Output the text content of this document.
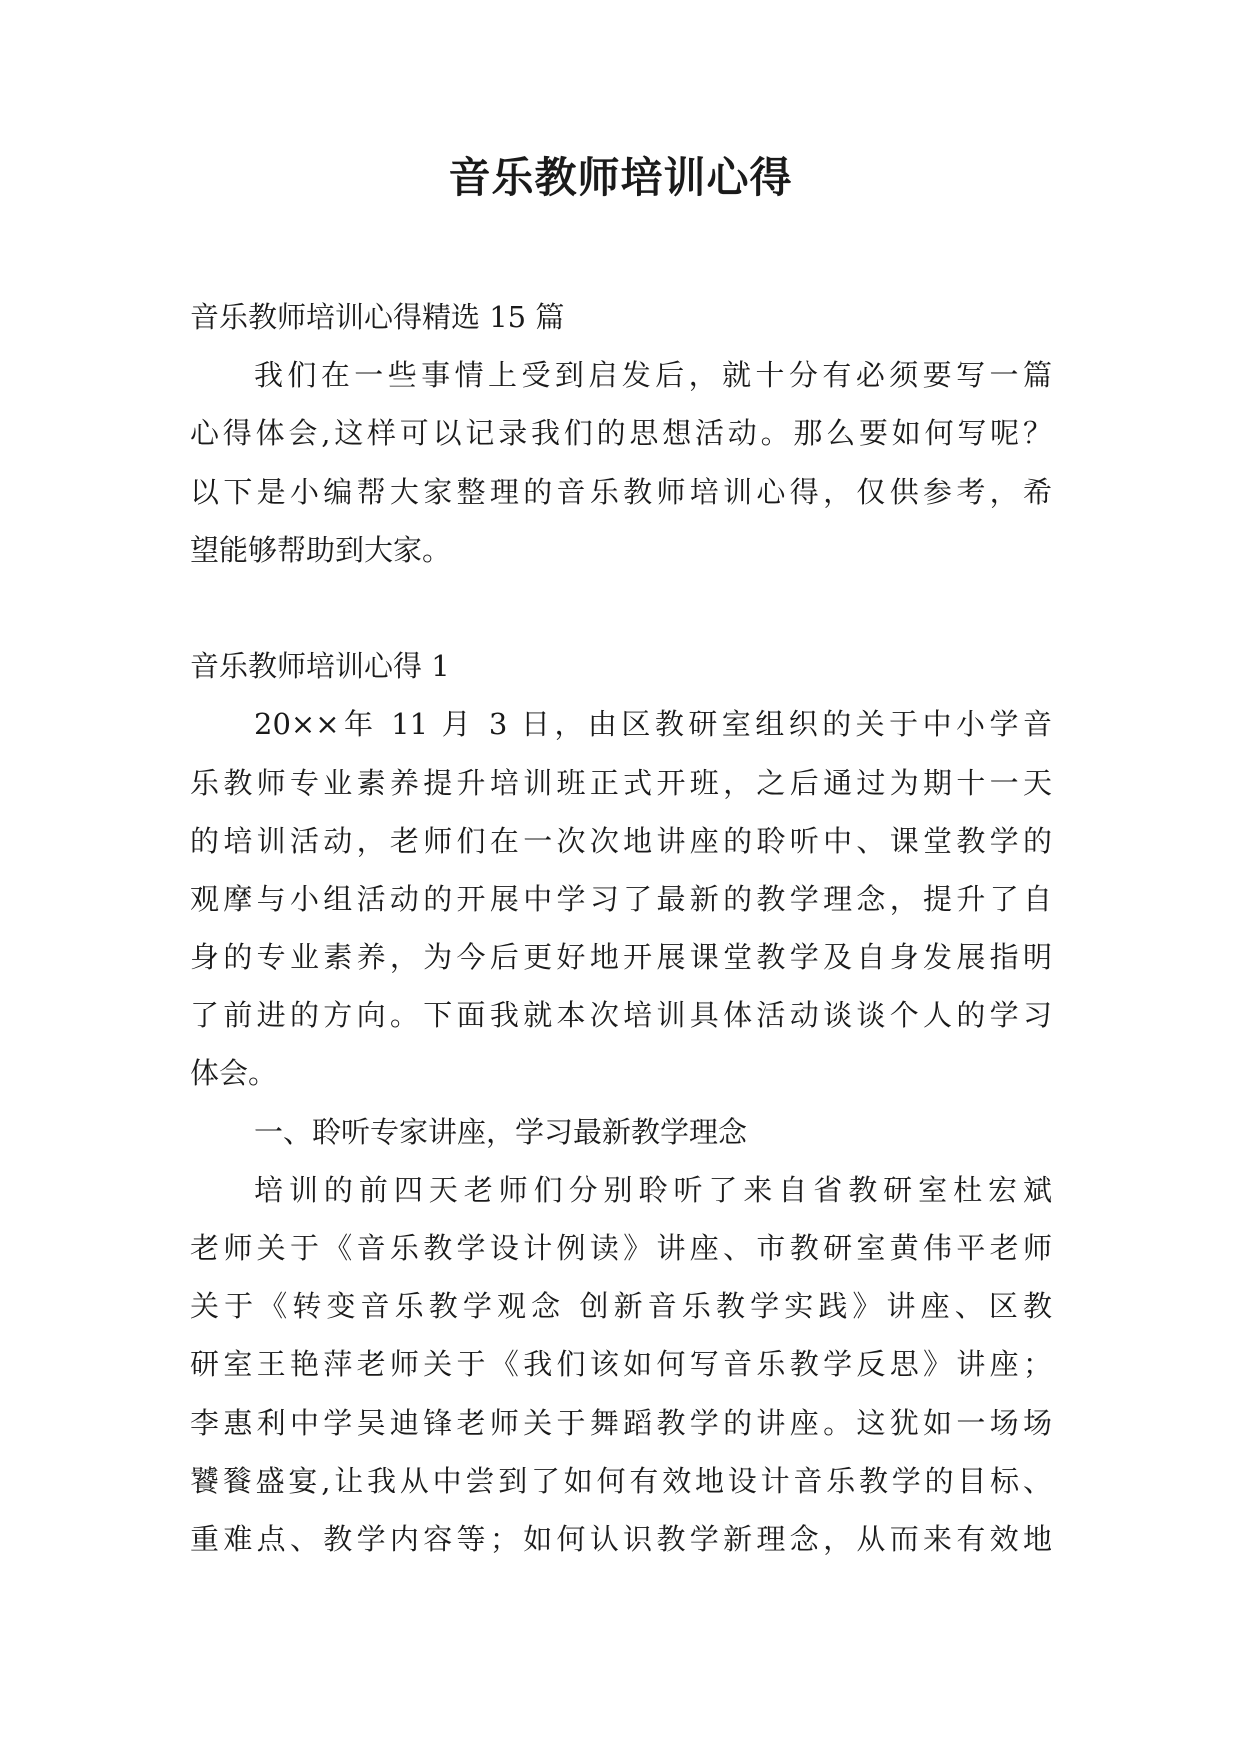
音乐教师培训心得

音乐教师培训心得精选 15 篇

我们在一些事情上受到启发后，就十分有必须要写一篇

心得体会,这样可以记录我们的思想活动。那么要如何写呢？

以下是小编帮大家整理的音乐教师培训心得，仅供参考，希

望能够帮助到大家。

音乐教师培训心得 1

20××年 11 月 3 日，由区教研室组织的关于中小学音

乐教师专业素养提升培训班正式开班，之后通过为期十一天

的培训活动，老师们在一次次地讲座的聆听中、课堂教学的

观摩与小组活动的开展中学习了最新的教学理念，提升了自

身的专业素养，为今后更好地开展课堂教学及自身发展指明

了前进的方向。下面我就本次培训具体活动谈谈个人的学习

体会。

一、聆听专家讲座，学习最新教学理念

培训的前四天老师们分别聆听了来自省教研室杜宏斌

老师关于《音乐教学设计例读》讲座、市教研室黄伟平老师

关于《转变音乐教学观念 创新音乐教学实践》讲座、区教

研室王艳萍老师关于《我们该如何写音乐教学反思》讲座；

李惠利中学吴迪锋老师关于舞蹈教学的讲座。这犹如一场场

饕餮盛宴,让我从中尝到了如何有效地设计音乐教学的目标、

重难点、教学内容等；如何认识教学新理念，从而来有效地
